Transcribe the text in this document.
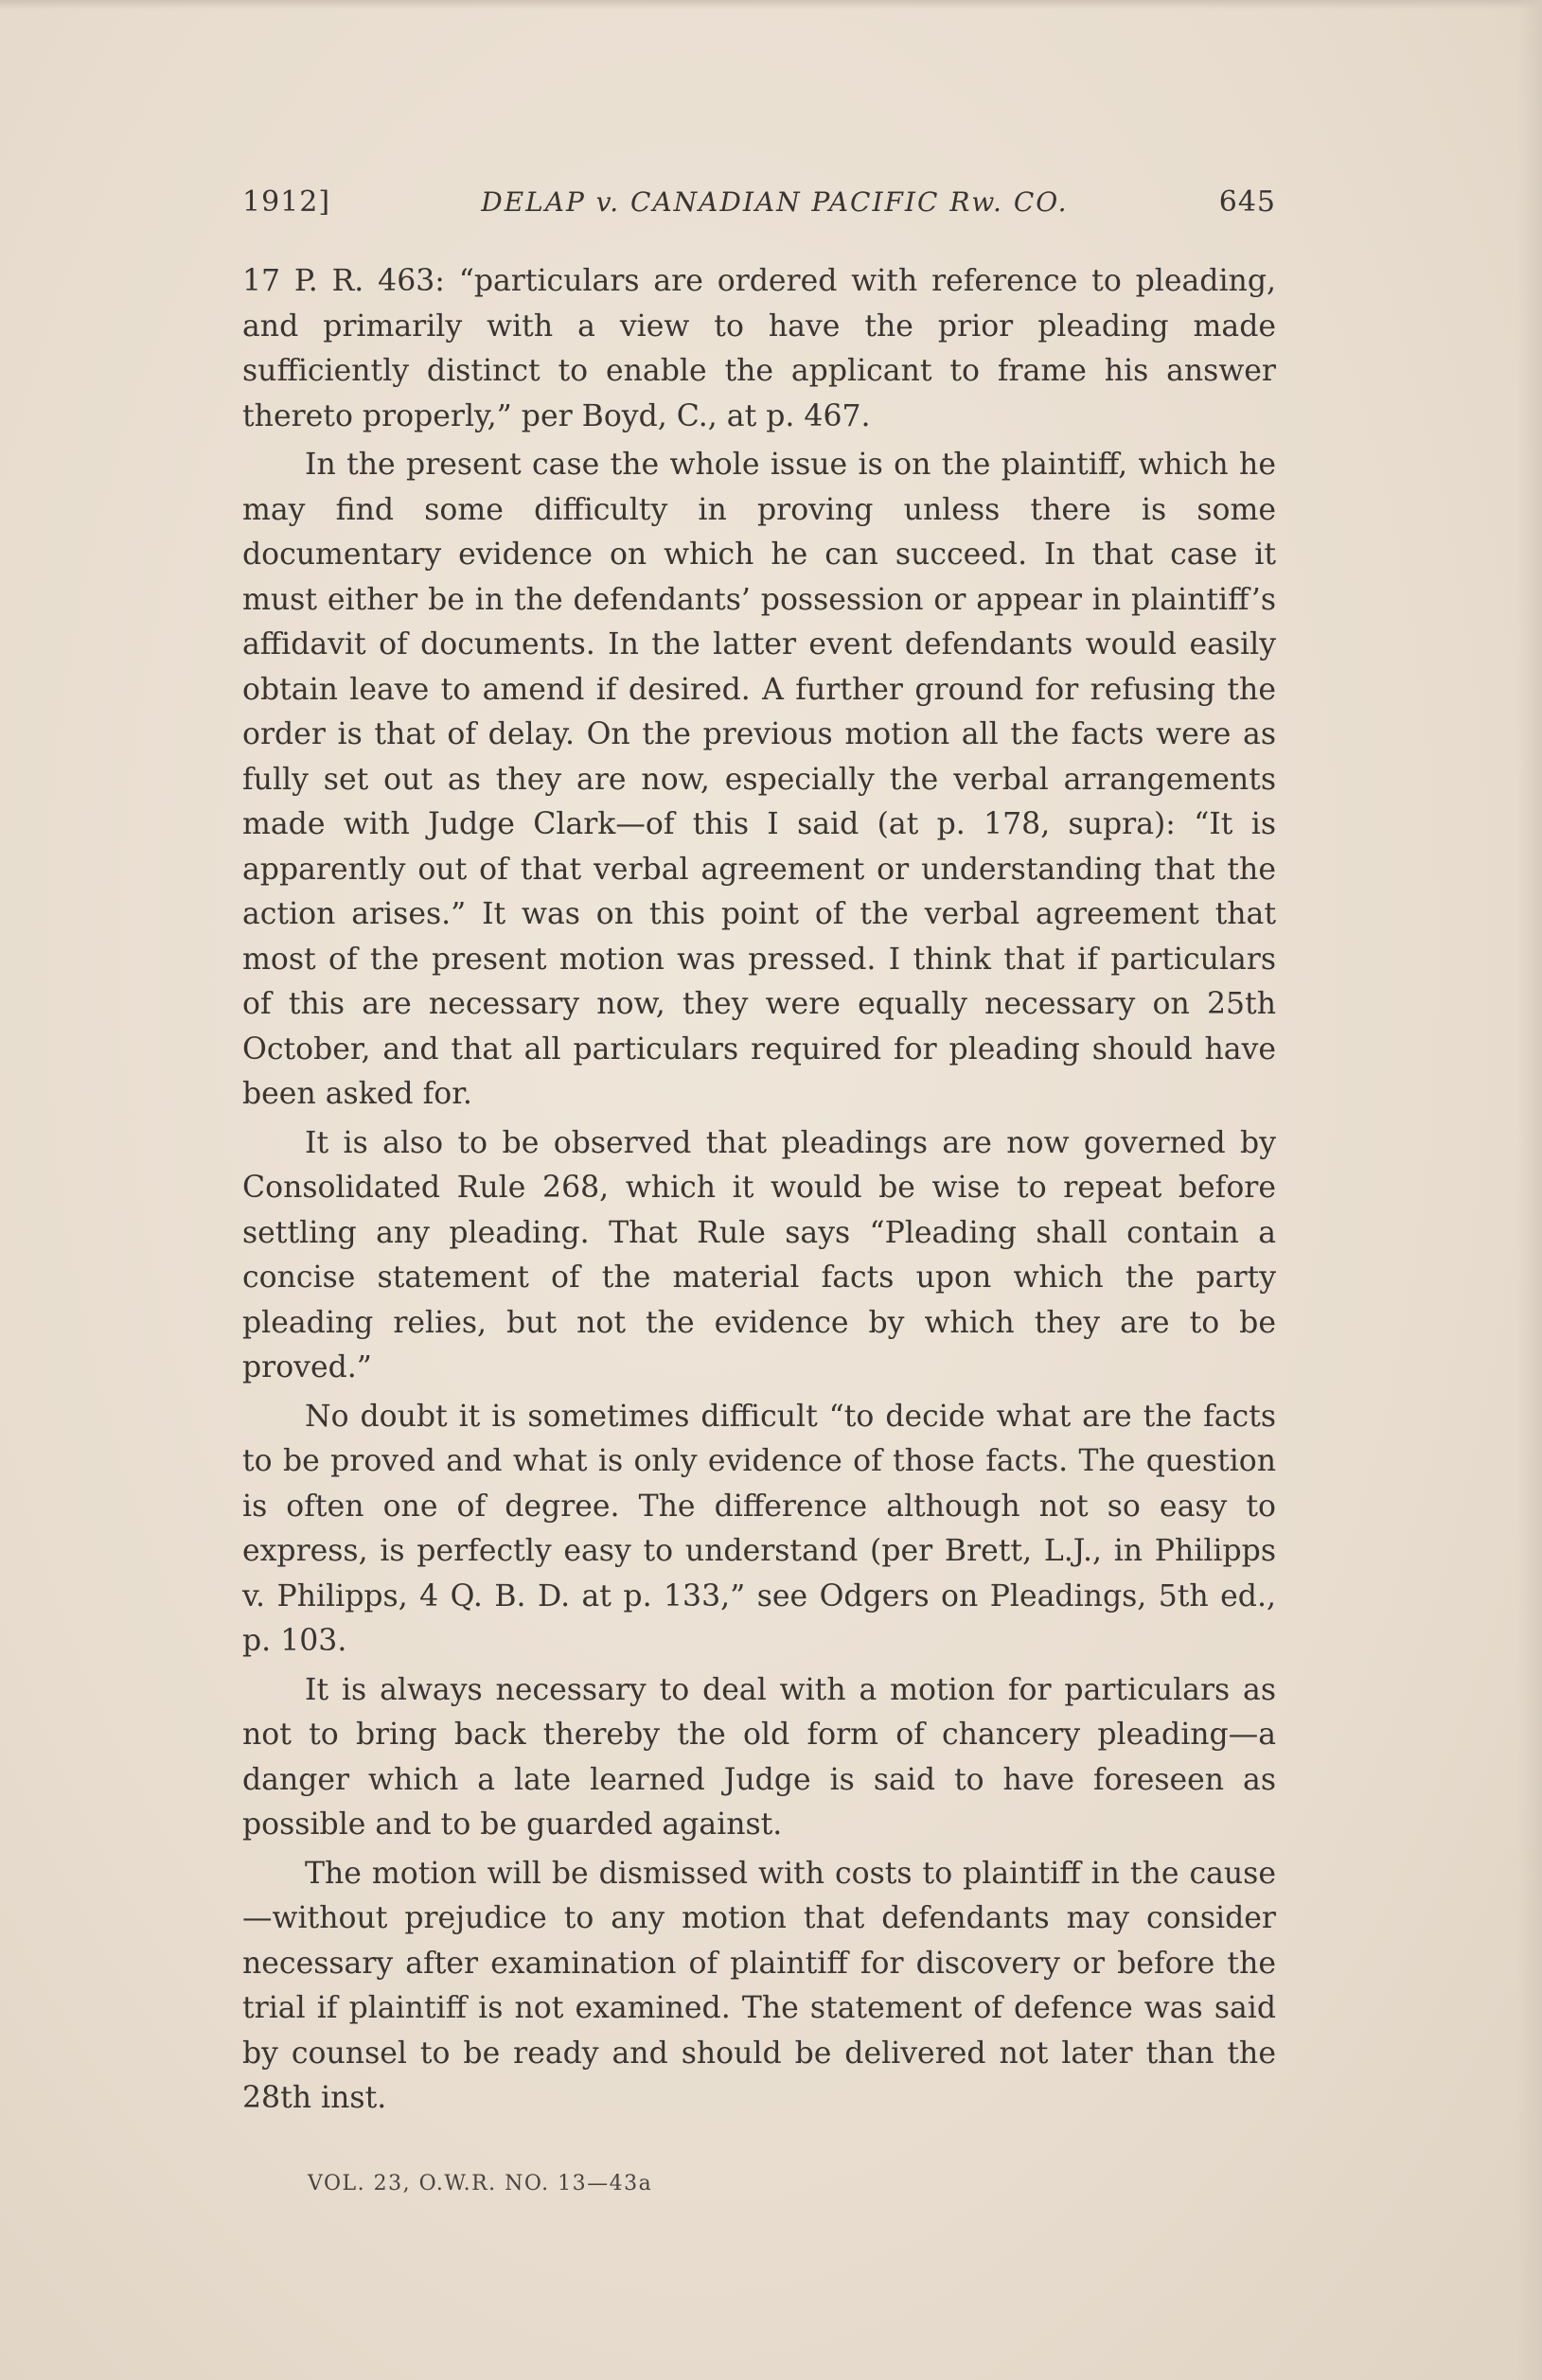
1912]	DELAP v. CANADIAN PACIFIC Rw. CO.	645

17 P. R. 463: “particulars are ordered with reference to pleading, and primarily with a view to have the prior pleading made sufficiently distinct to enable the applicant to frame his answer thereto properly,” per Boyd, C., at p. 467.

In the present case the whole issue is on the plaintiff, which he may find some difficulty in proving unless there is some documentary evidence on which he can succeed. In that case it must either be in the defendants’ possession or appear in plaintiff’s affidavit of documents. In the latter event defendants would easily obtain leave to amend if desired. A further ground for refusing the order is that of delay. On the previous motion all the facts were as fully set out as they are now, especially the verbal arrangements made with Judge Clark—of this I said (at p. 178, supra): “It is apparently out of that verbal agreement or understanding that the action arises.” It was on this point of the verbal agreement that most of the present motion was pressed. I think that if particulars of this are necessary now, they were equally necessary on 25th October, and that all particulars required for pleading should have been asked for.

It is also to be observed that pleadings are now governed by Consolidated Rule 268, which it would be wise to repeat before settling any pleading. That Rule says “Pleading shall contain a concise statement of the material facts upon which the party pleading relies, but not the evidence by which they are to be proved.”

No doubt it is sometimes difficult “to decide what are the facts to be proved and what is only evidence of those facts. The question is often one of degree. The difference although not so easy to express, is perfectly easy to understand (per Brett, L.J., in Philipps v. Philipps, 4 Q. B. D. at p. 133,” see Odgers on Pleadings, 5th ed., p. 103.

It is always necessary to deal with a motion for particulars as not to bring back thereby the old form of chancery pleading—a danger which a late learned Judge is said to have foreseen as possible and to be guarded against.

The motion will be dismissed with costs to plaintiff in the cause—without prejudice to any motion that defendants may consider necessary after examination of plaintiff for discovery or before the trial if plaintiff is not examined. The statement of defence was said by counsel to be ready and should be delivered not later than the 28th inst.

VOL. 23, O.W.R. NO. 13—43a
